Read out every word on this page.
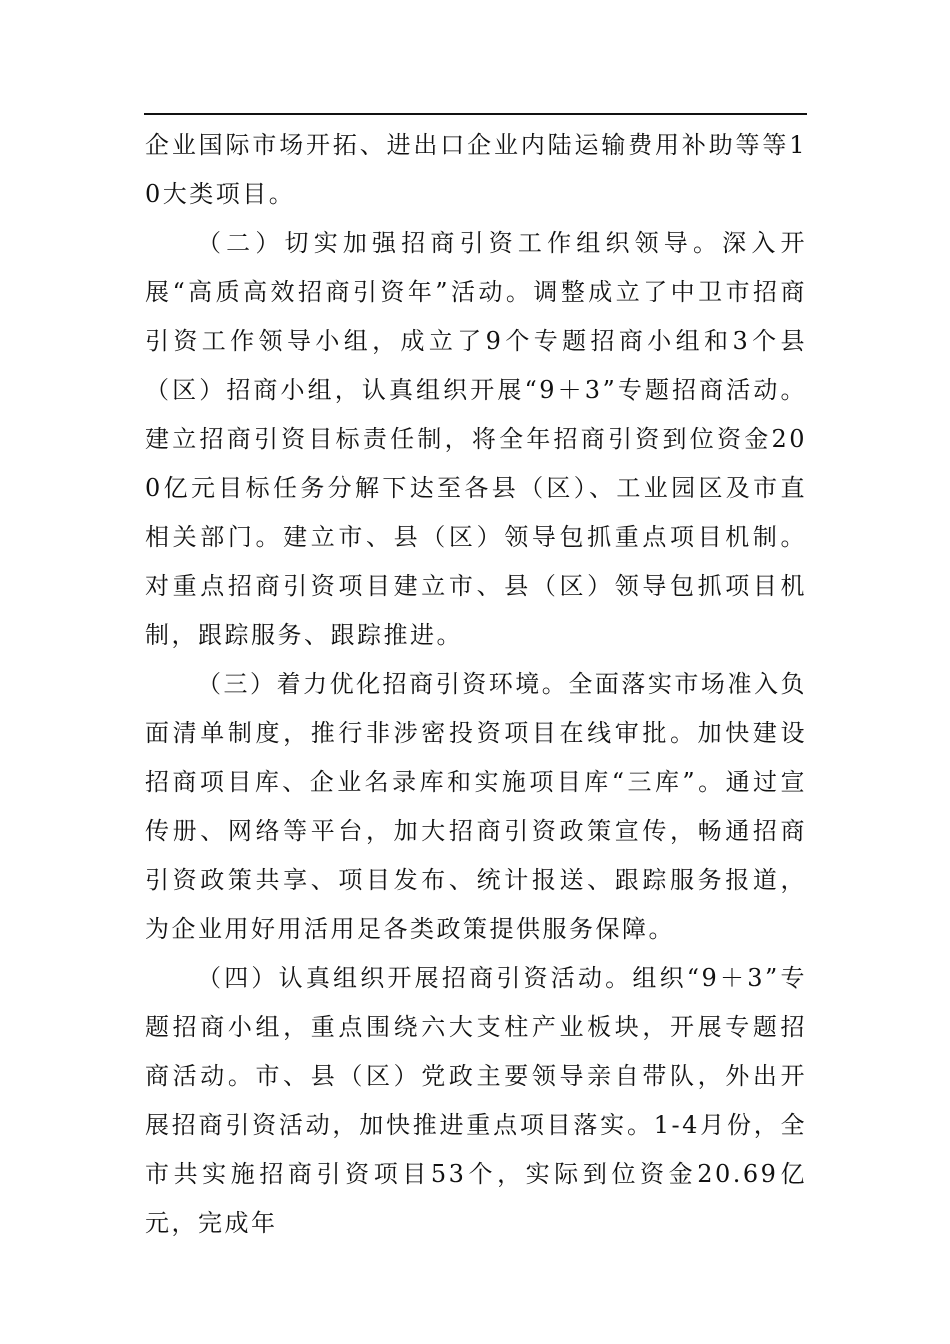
企业国际市场开拓、进出口企业内陆运输费用补助等等10大类项目。

（二）切实加强招商引资工作组织领导。深入开展“高质高效招商引资年”活动。调整成立了中卫市招商引资工作领导小组，成立了9个专题招商小组和3个县（区）招商小组，认真组织开展“9＋3”专题招商活动。建立招商引资目标责任制，将全年招商引资到位资金200亿元目标任务分解下达至各县（区）、工业园区及市直相关部门。建立市、县（区）领导包抓重点项目机制。对重点招商引资项目建立市、县（区）领导包抓项目机制，跟踪服务、跟踪推进。

（三）着力优化招商引资环境。全面落实市场准入负面清单制度，推行非涉密投资项目在线审批。加快建设招商项目库、企业名录库和实施项目库“三库”。通过宣传册、网络等平台，加大招商引资政策宣传，畅通招商引资政策共享、项目发布、统计报送、跟踪服务报道，为企业用好用活用足各类政策提供服务保障。

（四）认真组织开展招商引资活动。组织“9＋3”专题招商小组，重点围绕六大支柱产业板块，开展专题招商活动。市、县（区）党政主要领导亲自带队，外出开展招商引资活动，加快推进重点项目落实。1-4月份，全市共实施招商引资项目53个，实际到位资金20.69亿元，完成年
